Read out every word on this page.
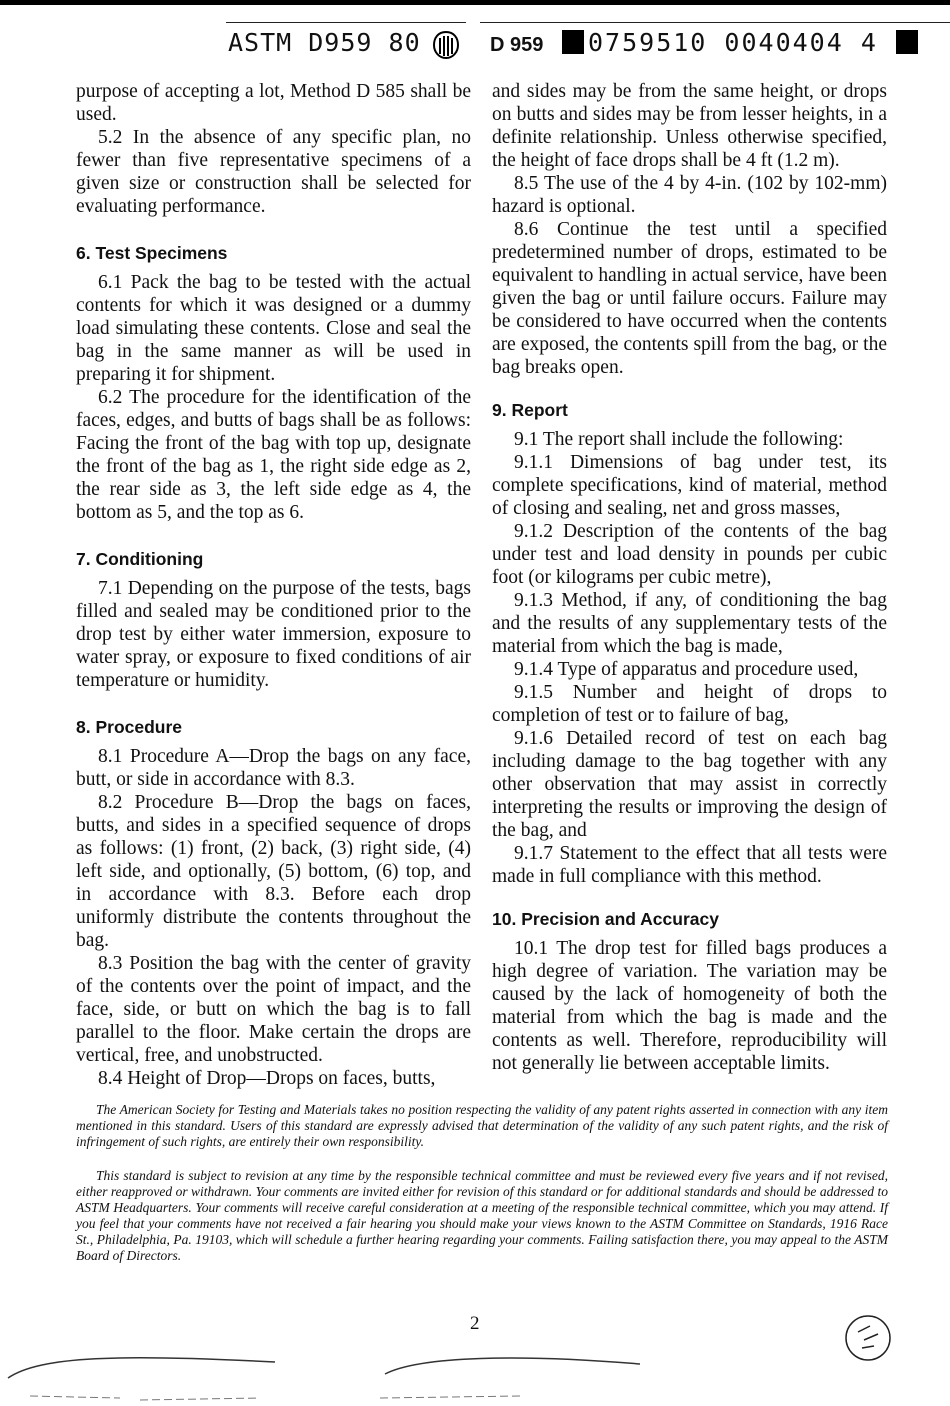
ASTM D959 80	D 959 0759510 0040404 4

purpose of accepting a lot, Method D 585 shall be used.

5.2 In the absence of any specific plan, no fewer than five representative specimens of a given size or construction shall be selected for evaluating performance.

6. Test Specimens

6.1 Pack the bag to be tested with the actual contents for which it was designed or a dummy load simulating these contents. Close and seal the bag in the same manner as will be used in preparing it for shipment.

6.2 The procedure for the identification of the faces, edges, and butts of bags shall be as follows: Facing the front of the bag with top up, designate the front of the bag as 1, the right side edge as 2, the rear side as 3, the left side edge as 4, the bottom as 5, and the top as 6.

7. Conditioning

7.1 Depending on the purpose of the tests, bags filled and sealed may be conditioned prior to the drop test by either water immersion, exposure to water spray, or exposure to fixed conditions of air temperature or humidity.

8. Procedure

8.1 Procedure A—Drop the bags on any face, butt, or side in accordance with 8.3.

8.2 Procedure B—Drop the bags on faces, butts, and sides in a specified sequence of drops as follows: (1) front, (2) back, (3) right side, (4) left side, and optionally, (5) bottom, (6) top, and in accordance with 8.3. Before each drop uniformly distribute the contents throughout the bag.

8.3 Position the bag with the center of gravity of the contents over the point of impact, and the face, side, or butt on which the bag is to fall parallel to the floor. Make certain the drops are vertical, free, and unobstructed.

8.4 Height of Drop—Drops on faces, butts,

and sides may be from the same height, or drops on butts and sides may be from lesser heights, in a definite relationship. Unless otherwise specified, the height of face drops shall be 4 ft (1.2 m).

8.5 The use of the 4 by 4-in. (102 by 102-mm) hazard is optional.

8.6 Continue the test until a specified predetermined number of drops, estimated to be equivalent to handling in actual service, have been given the bag or until failure occurs. Failure may be considered to have occurred when the contents are exposed, the contents spill from the bag, or the bag breaks open.

9. Report

9.1 The report shall include the following:

9.1.1 Dimensions of bag under test, its complete specifications, kind of material, method of closing and sealing, net and gross masses,

9.1.2 Description of the contents of the bag under test and load density in pounds per cubic foot (or kilograms per cubic metre),

9.1.3 Method, if any, of conditioning the bag and the results of any supplementary tests of the material from which the bag is made,

9.1.4 Type of apparatus and procedure used,

9.1.5 Number and height of drops to completion of test or to failure of bag,

9.1.6 Detailed record of test on each bag including damage to the bag together with any other observation that may assist in correctly interpreting the results or improving the design of the bag, and

9.1.7 Statement to the effect that all tests were made in full compliance with this method.

10. Precision and Accuracy

10.1 The drop test for filled bags produces a high degree of variation. The variation may be caused by the lack of homogeneity of both the material from which the bag is made and the contents as well. Therefore, reproducibility will not generally lie between acceptable limits.

The American Society for Testing and Materials takes no position respecting the validity of any patent rights asserted in connection with any item mentioned in this standard. Users of this standard are expressly advised that determination of the validity of any such patent rights, and the risk of infringement of such rights, are entirely their own responsibility.

This standard is subject to revision at any time by the responsible technical committee and must be reviewed every five years and if not revised, either reapproved or withdrawn. Your comments are invited either for revision of this standard or for additional standards and should be addressed to ASTM Headquarters. Your comments will receive careful consideration at a meeting of the responsible technical committee, which you may attend. If you feel that your comments have not received a fair hearing you should make your views known to the ASTM Committee on Standards, 1916 Race St., Philadelphia, Pa. 19103, which will schedule a further hearing regarding your comments. Failing satisfaction there, you may appeal to the ASTM Board of Directors.

2
